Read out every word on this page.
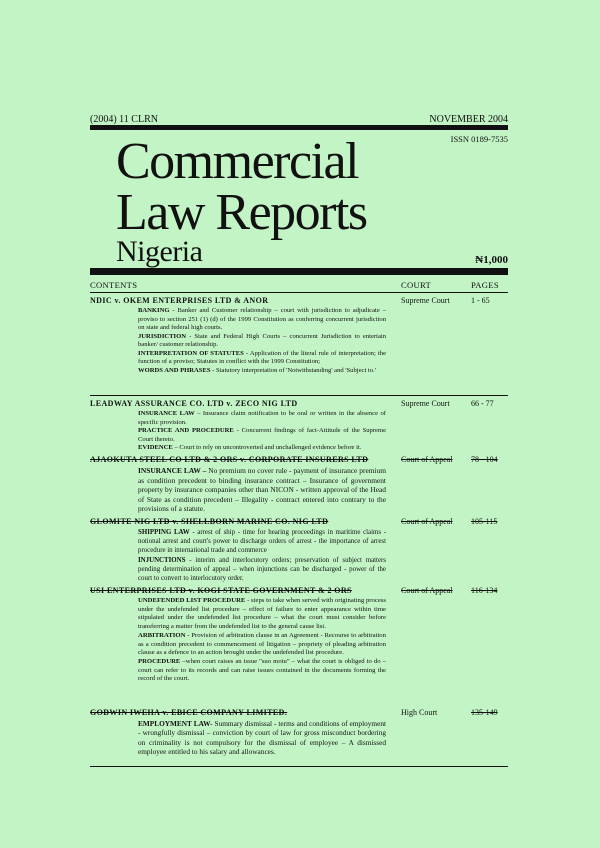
(2004) 11 CLRN	NOVEMBER 2004
ISSN 0189-7535
Commercial
Law Reports
Nigeria	₦1,000
CONTENTS	COURT	PAGES
NDIC v. OKEM ENTERPRISES LTD & ANOR	Supreme Court	1 - 65

BANKING - Banker and Customer relationship – court with jurisdiction to adjudicate – proviso to section 251 (1) (d) of the 1999 Constitution as conferring concurrent jurisdiction on state and federal high courts.

JURISDICTION - State and Federal High Courts – concurrent Jurisdiction to entertain banker/ customer relationship.

INTERPRETATION OF STATUTES - Application of the literal rule of interpretation; the function of a proviso; Statutes in conflict with the 1999 Constitution;

WORDS AND PHRASES - Statutory interpretation of 'Notwithstanding' and 'Subject to.'

LEADWAY ASSURANCE CO. LTD v. ZECO NIG LTD	Supreme Court	66 - 77

INSURANCE LAW – Insurance claim notification to be oral or written in the absence of specific provision.

PRACTICE AND PROCEDURE - Concurrent findings of fact-Attitude of the Supreme Court thereto.

EVIDENCE – Court to rely on uncontroverted and unchallenged evidence before it.

AJAOKUTA STEEL CO LTD & 2 ORS v. CORPORATE INSURERS LTD	Court of Appeal 78 - 104

INSURANCE LAW – No premium no cover rule - payment of insurance premium as condition precedent to binding insurance contract – Insurance of government property by insurance companies other than NICON - written approval of the Head of State as condition precedent – Illegality - contract entered into contrary to the provisions of a statute.

GLOMITE NIG LTD v. SHELLBORN MARINE CO. NIG LTD	Court of Appeal 105-115

SHIPPING LAW - arrest of ship - time for hearing proceedings in maritime claims - notional arrest and court's power to discharge orders of arrest - the importance of arrest procedure in international trade and commerce

INJUNCTIONS - interim and interlocutory orders; preservation of subject matters pending determination of appeal – when injunctions can be discharged - power of the court to convert to interlocutory order.

USI ENTERPRISES LTD v. KOGI STATE GOVERNMENT & 2 ORS	Court of Appeal 116-134

UNDEFENDED LIST PROCEDURE - steps to take when served with originating process under the undefended list procedure – effect of failure to enter appearance within time stipulated under the undefended list procedure – what the court must consider before transferring a matter from the undefended list to the general cause list.

ARBITRATION - Provision of arbitration clause in an Agreement - Recourse to arbitration as a condition precedent to commencement of litigation – propriety of pleading arbitration clause as a defence to an action brought under the undefended list procedure.

PROCEDURE –when court raises an issue "suo motu" – what the court is obliged to do – court can refer to its records and can raise issues contained in the documents forming the record of the court.

GODWIN IWEHA v. EBICE COMPANY LIMITED.	High Court	135-149

EMPLOYMENT LAW- Summary dismissal - terms and conditions of employment - wrongfully dismissal – conviction by court of law for gross misconduct bordering on criminality is not compulsory for the dismissal of employee – A dismissed employee entitled to his salary and allowances.
